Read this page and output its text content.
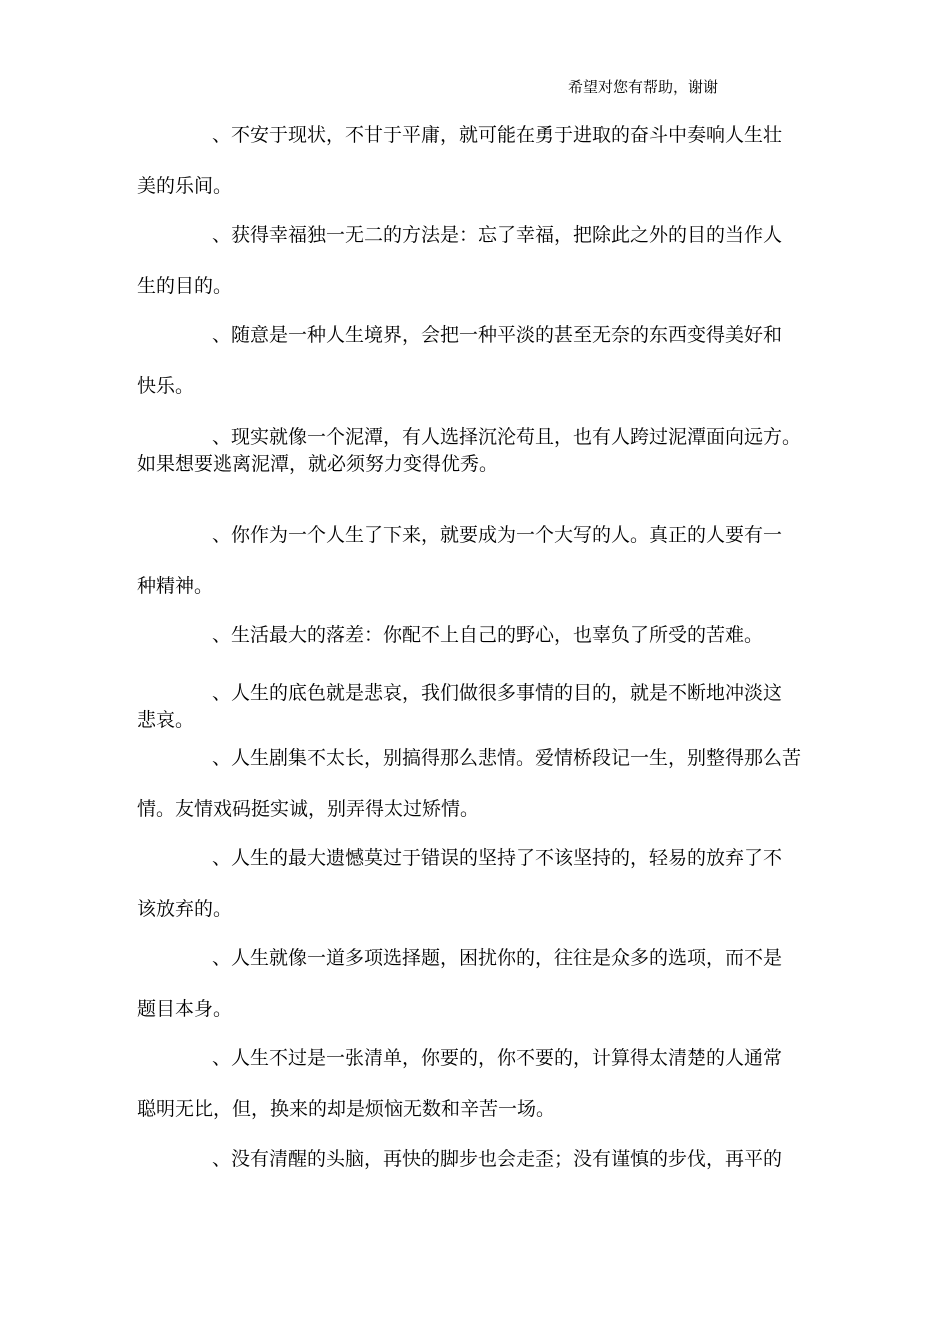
希望对您有帮助，谢谢
、不安于现状，不甘于平庸，就可能在勇于进取的奋斗中奏响人生壮
美的乐间。
、获得幸福独一无二的方法是：忘了幸福，把除此之外的目的当作人
生的目的。
、随意是一种人生境界，会把一种平淡的甚至无奈的东西变得美好和
快乐。
、现实就像一个泥潭，有人选择沉沦苟且，也有人跨过泥潭面向远方。
如果想要逃离泥潭，就必须努力变得优秀。
、你作为一个人生了下来，就要成为一个大写的人。真正的人要有一
种精神。
、生活最大的落差：你配不上自己的野心，也辜负了所受的苦难。
、人生的底色就是悲哀，我们做很多事情的目的，就是不断地冲淡这
悲哀。
、人生剧集不太长，别搞得那么悲情。爱情桥段记一生，别整得那么苦
情。友情戏码挺实诚，别弄得太过矫情。
、人生的最大遗憾莫过于错误的坚持了不该坚持的，轻易的放弃了不
该放弃的。
、人生就像一道多项选择题，困扰你的，往往是众多的选项，而不是
题目本身。
、人生不过是一张清单，你要的，你不要的，计算得太清楚的人通常
聪明无比，但，换来的却是烦恼无数和辛苦一场。
、没有清醒的头脑，再快的脚步也会走歪；没有谨慎的步伐，再平的
